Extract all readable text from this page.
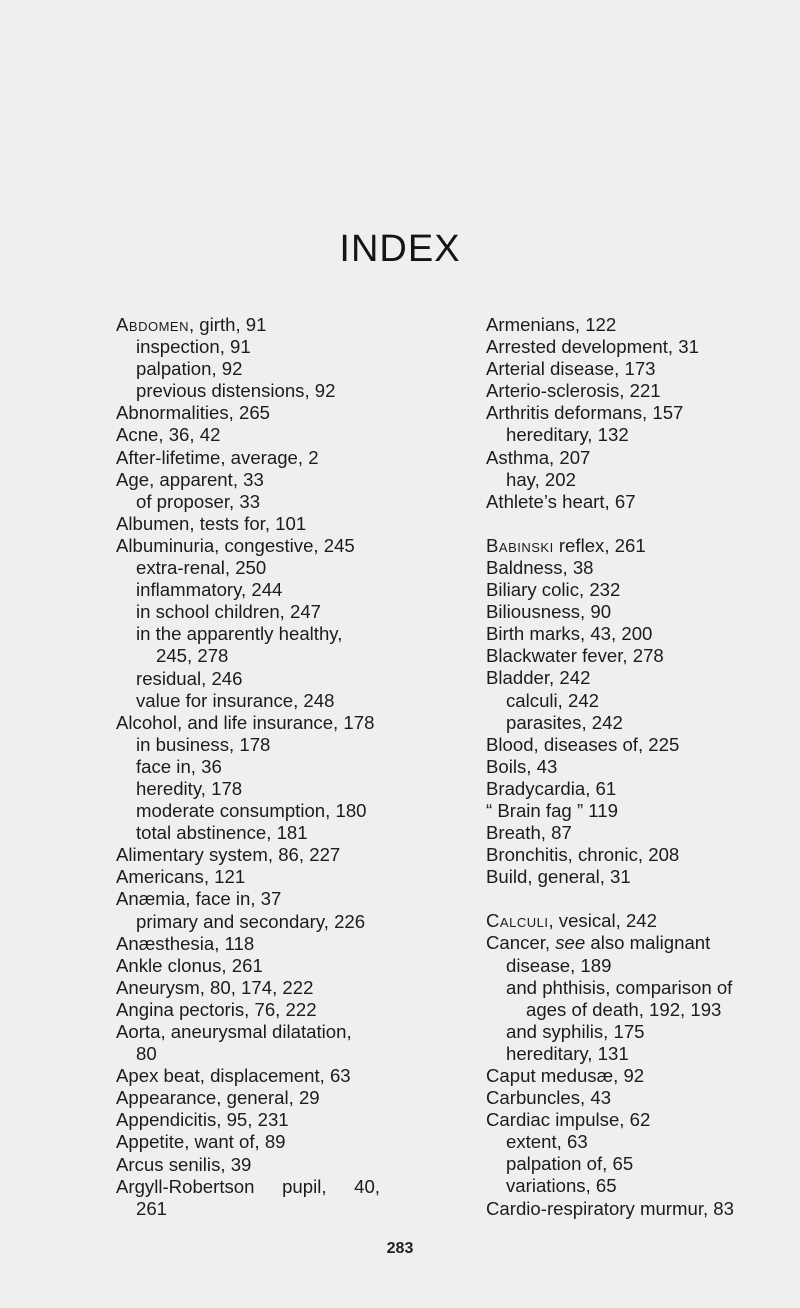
INDEX
Abdomen, girth, 91
inspection, 91
palpation, 92
previous distensions, 92
Abnormalities, 265
Acne, 36, 42
After-lifetime, average, 2
Age, apparent, 33
of proposer, 33
Albumen, tests for, 101
Albuminuria, congestive, 245
extra-renal, 250
inflammatory, 244
in school children, 247
in the apparently healthy,
245, 278
residual, 246
value for insurance, 248
Alcohol, and life insurance, 178
in business, 178
face in, 36
heredity, 178
moderate consumption, 180
total abstinence, 181
Alimentary system, 86, 227
Americans, 121
Anæmia, face in, 37
primary and secondary, 226
Anæsthesia, 118
Ankle clonus, 261
Aneurysm, 80, 174, 222
Angina pectoris, 76, 222
Aorta, aneurysmal dilatation,
80
Apex beat, displacement, 63
Appearance, general, 29
Appendicitis, 95, 231
Appetite, want of, 89
Arcus senilis, 39
Argyll-Robertson pupil, 40,
261
Armenians, 122
Arrested development, 31
Arterial disease, 173
Arterio-sclerosis, 221
Arthritis deformans, 157
hereditary, 132
Asthma, 207
hay, 202
Athlete’s heart, 67
Babinski reflex, 261
Baldness, 38
Biliary colic, 232
Biliousness, 90
Birth marks, 43, 200
Blackwater fever, 278
Bladder, 242
calculi, 242
parasites, 242
Blood, diseases of, 225
Boils, 43
Bradycardia, 61
“ Brain fag ” 119
Breath, 87
Bronchitis, chronic, 208
Build, general, 31
Calculi, vesical, 242
Cancer, see also malignant
disease, 189
and phthisis, comparison of
ages of death, 192, 193
and syphilis, 175
hereditary, 131
Caput medusæ, 92
Carbuncles, 43
Cardiac impulse, 62
extent, 63
palpation of, 65
variations, 65
Cardio-respiratory murmur, 83
283
